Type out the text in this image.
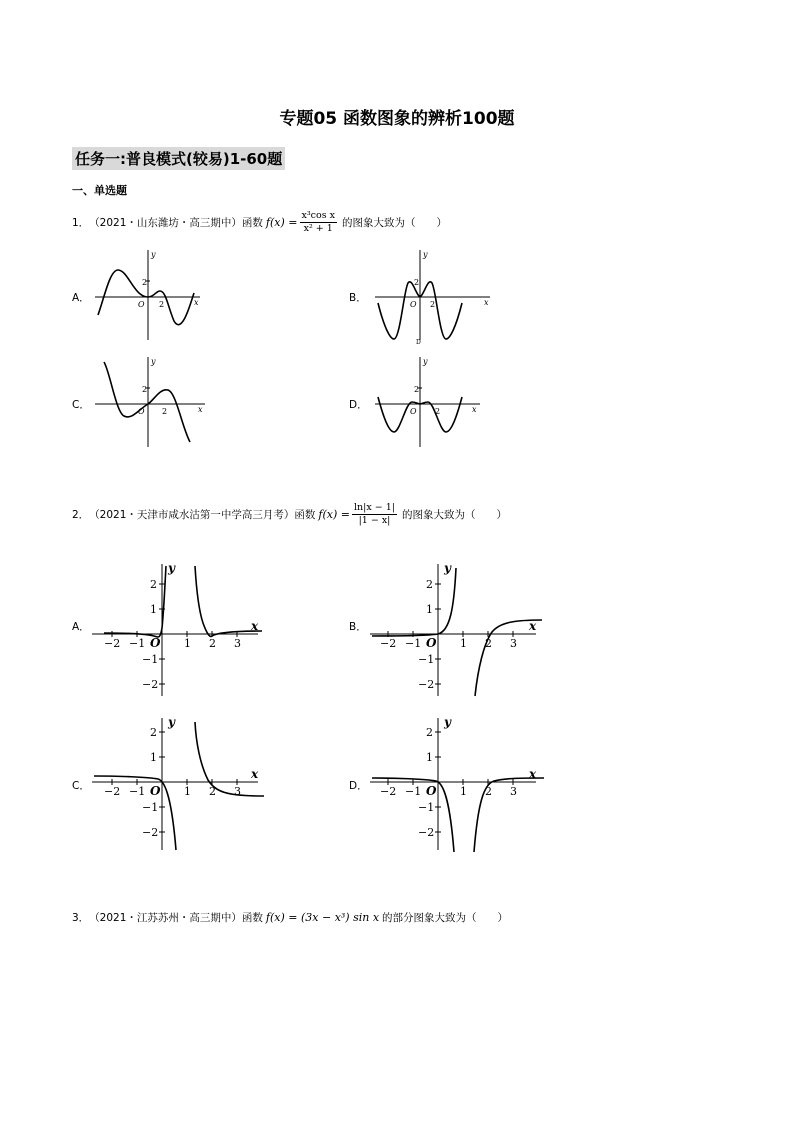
专题05 函数图象的辨析100题
任务一:普良模式(较易)1-60题
一、单选题
1． （2021・山东潍坊・高三期中）函数 $f(x) = \frac{\text{x³cos x}}{\text{x² + 1}}$ 的图象大致为（　　）
A．	B．
C．	D．
2
y
x
O 2
2
y
x
O 2
D
2
y
x
O 2
2
y
x
O 2
2． （2021・天津市咸水沽第一中学高三月考）函数 $f(x) = \frac{\ln|x - 1|}{|1 - x|}$ 的图象大致为（　　）
A．	B．
C．	D．
x
y
O
−2
−1
1
2
3
2
1
−1
−2
x
y
O
−2
−1
1
2
3
2
1
−1
−2
x
y
O
−2
−1
1
2
3
2
1
−1
−2
x
y
O
−2
−1
1
2
3
2
1
−1
−2
3． （2021・江苏苏州・高三期中）函数 f(x) = (3x − x³) sin x 的部分图象大致为（　　）
